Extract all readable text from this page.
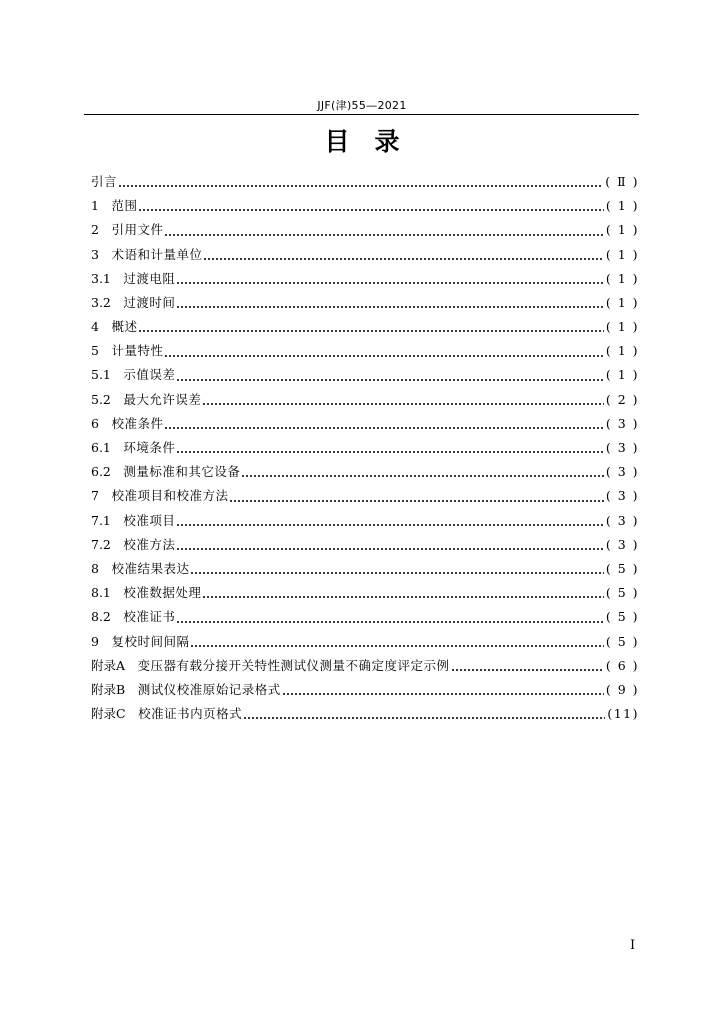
JJF(津)55—2021
目　录
引言	( Ⅱ )
1　 范围	( 1 )
2　 引用文件	( 1 )
3　 术语和计量单位	( 1 )
3.1　 过渡电阻	( 1 )
3.2　 过渡时间	( 1 )
4　 概述	( 1 )
5　 计量特性	( 1 )
5.1　 示值误差	( 1 )
5.2　 最大允许误差	( 2 )
6　 校准条件	( 3 )
6.1　 环境条件	( 3 )
6.2　 测量标准和其它设备	( 3 )
7　 校准项目和校准方法	( 3 )
7.1　 校准项目	( 3 )
7.2　 校准方法	( 3 )
8　 校准结果表达	( 5 )
8.1　 校准数据处理	( 5 )
8.2　 校准证书	( 5 )
9　 复校时间间隔	( 5 )
附录A　 变压器有载分接开关特性测试仪测量不确定度评定示例	( 6 )
附录B　 测试仪校准原始记录格式	( 9 )
附录C　 校准证书内页格式	(11)
I
